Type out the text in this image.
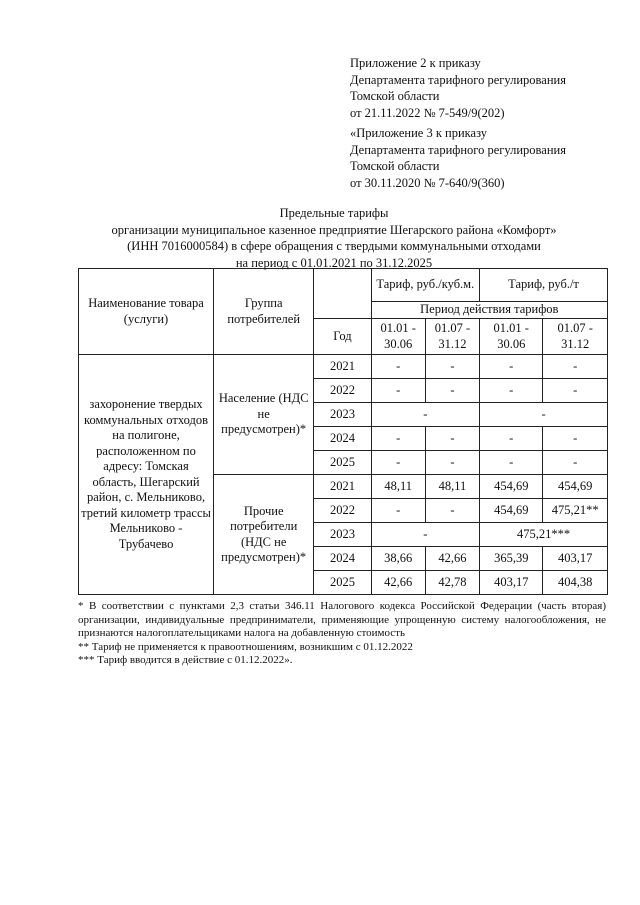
Приложение 2 к приказу
Департамента тарифного регулирования
Томской области
от 21.11.2022 № 7-549/9(202)
«Приложение 3 к приказу
Департамента тарифного регулирования
Томской области
от 30.11.2020 № 7-640/9(360)
Предельные тарифы
организации муниципальное казенное предприятие Шегарского района «Комфорт»
(ИНН 7016000584) в сфере обращения с твердыми коммунальными отходами
на период с 01.01.2021 по 31.12.2025
Наименование товара (услуги)	Группа потребителей		Тариф, руб./куб.м.		Тариф, руб./т	
			Период действия тарифов			
		Год	01.01 - 30.06	01.07 - 31.12	01.01 - 30.06	01.07 - 31.12
захоронение твердых коммунальных отходов на полигоне, расположенном по адресу: Томская область, Шегарский район, с. Мельниково, третий километр трассы Мельниково - Трубачево	Население (НДС не предусмотрен)*	2021	-	-	-	-
		2022	-	-	-	-
		2023	-		-	
		2024	-	-	-	-
		2025	-	-	-	-
	Прочие потребители (НДС не предусмотрен)*	2021	48,11	48,11	454,69	454,69
		2022	-	-	454,69	475,21**
		2023	-		475,21***	
		2024	38,66	42,66	365,39	403,17
		2025	42,66	42,78	403,17	404,38

* В соответствии с пунктами 2,3 статьи 346.11 Налогового кодекса Российской Федерации (часть вторая) организации, индивидуальные предприниматели, применяющие упрощенную систему налогообложения, не признаются налогоплательщиками налога на добавленную стоимость

** Тариф не применяется к правоотношениям, возникшим с 01.12.2022

*** Тариф вводится в действие с 01.12.2022».
